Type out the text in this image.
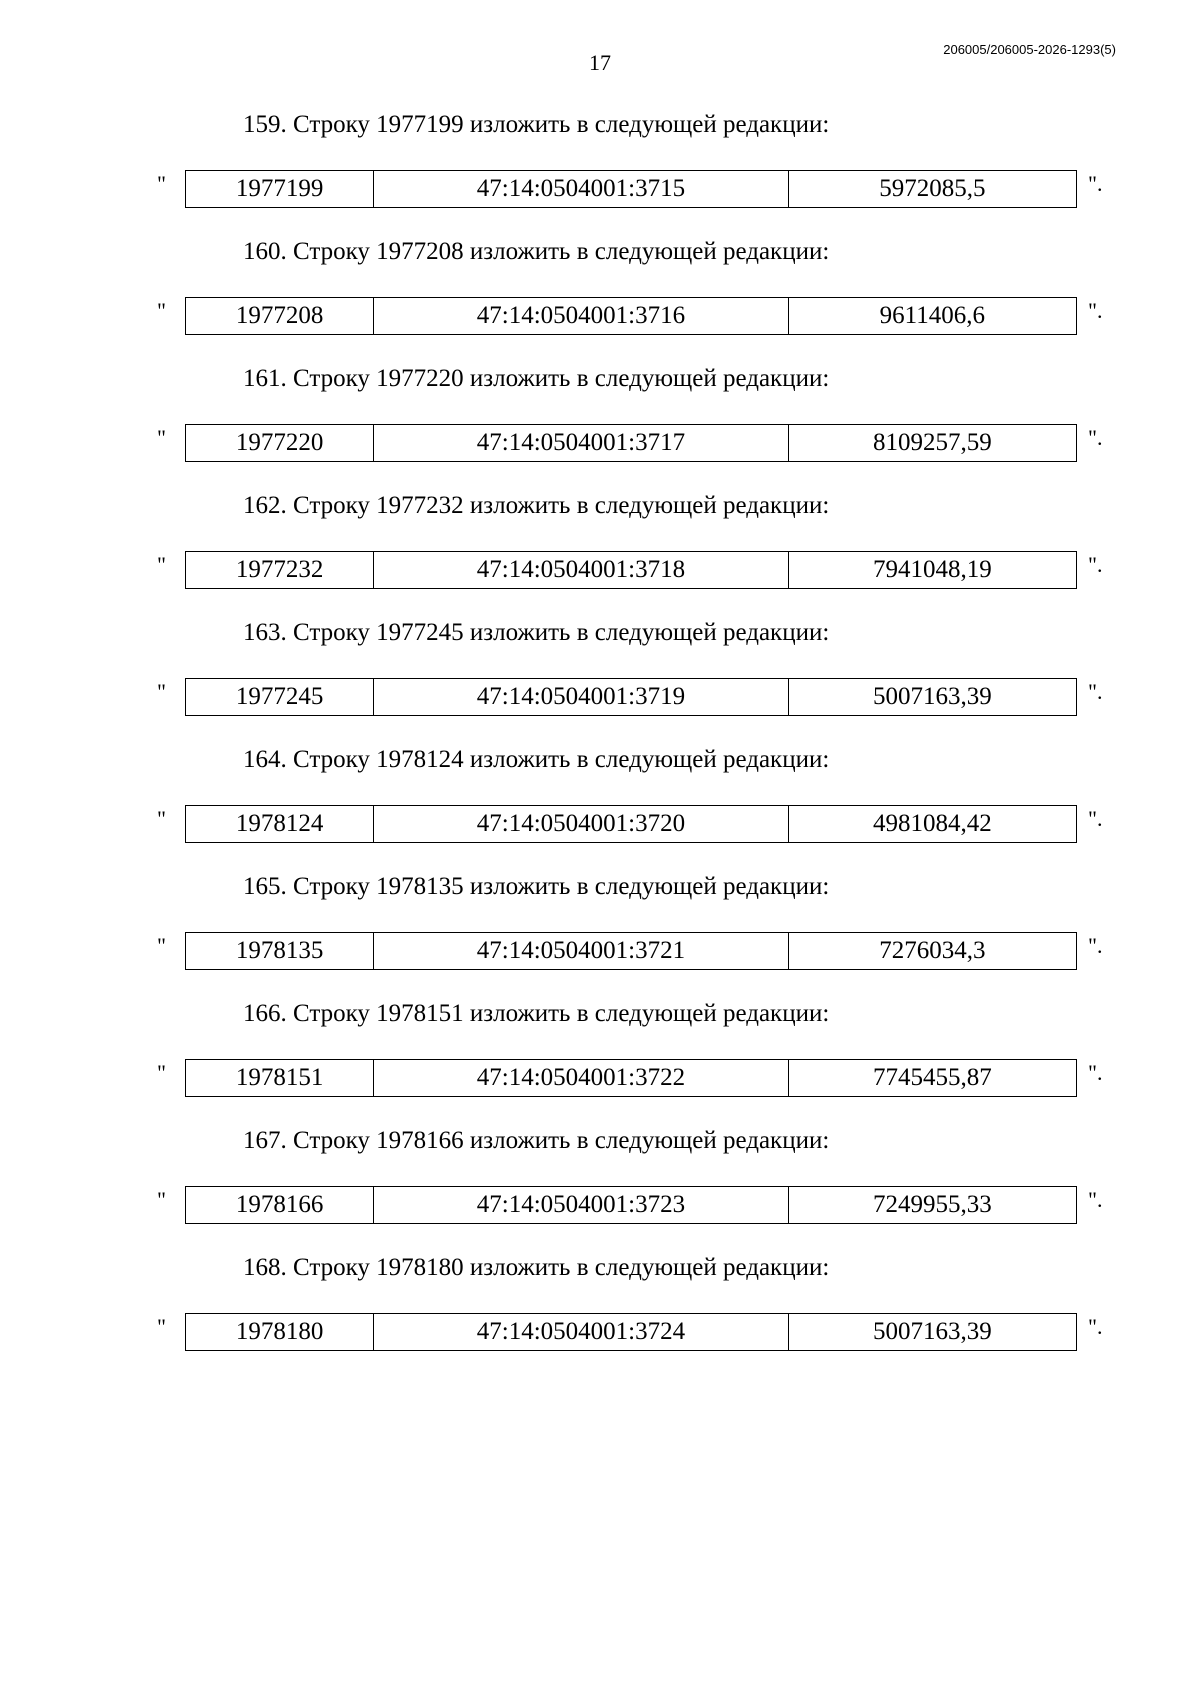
17
206005/206005-2026-1293(5)
159. Строку 1977199 изложить в следующей редакции:
"	1977199	47:14:0504001:3715	5972085,5	".
160. Строку 1977208 изложить в следующей редакции:
"	1977208	47:14:0504001:3716	9611406,6	".
161. Строку 1977220 изложить в следующей редакции:
"	1977220	47:14:0504001:3717	8109257,59	".
162. Строку 1977232 изложить в следующей редакции:
"	1977232	47:14:0504001:3718	7941048,19	".
163. Строку 1977245 изложить в следующей редакции:
"	1977245	47:14:0504001:3719	5007163,39	".
164. Строку 1978124 изложить в следующей редакции:
"	1978124	47:14:0504001:3720	4981084,42	".
165. Строку 1978135 изложить в следующей редакции:
"	1978135	47:14:0504001:3721	7276034,3	".
166. Строку 1978151 изложить в следующей редакции:
"	1978151	47:14:0504001:3722	7745455,87	".
167. Строку 1978166 изложить в следующей редакции:
"	1978166	47:14:0504001:3723	7249955,33	".
168. Строку 1978180 изложить в следующей редакции:
"	1978180	47:14:0504001:3724	5007163,39	".
